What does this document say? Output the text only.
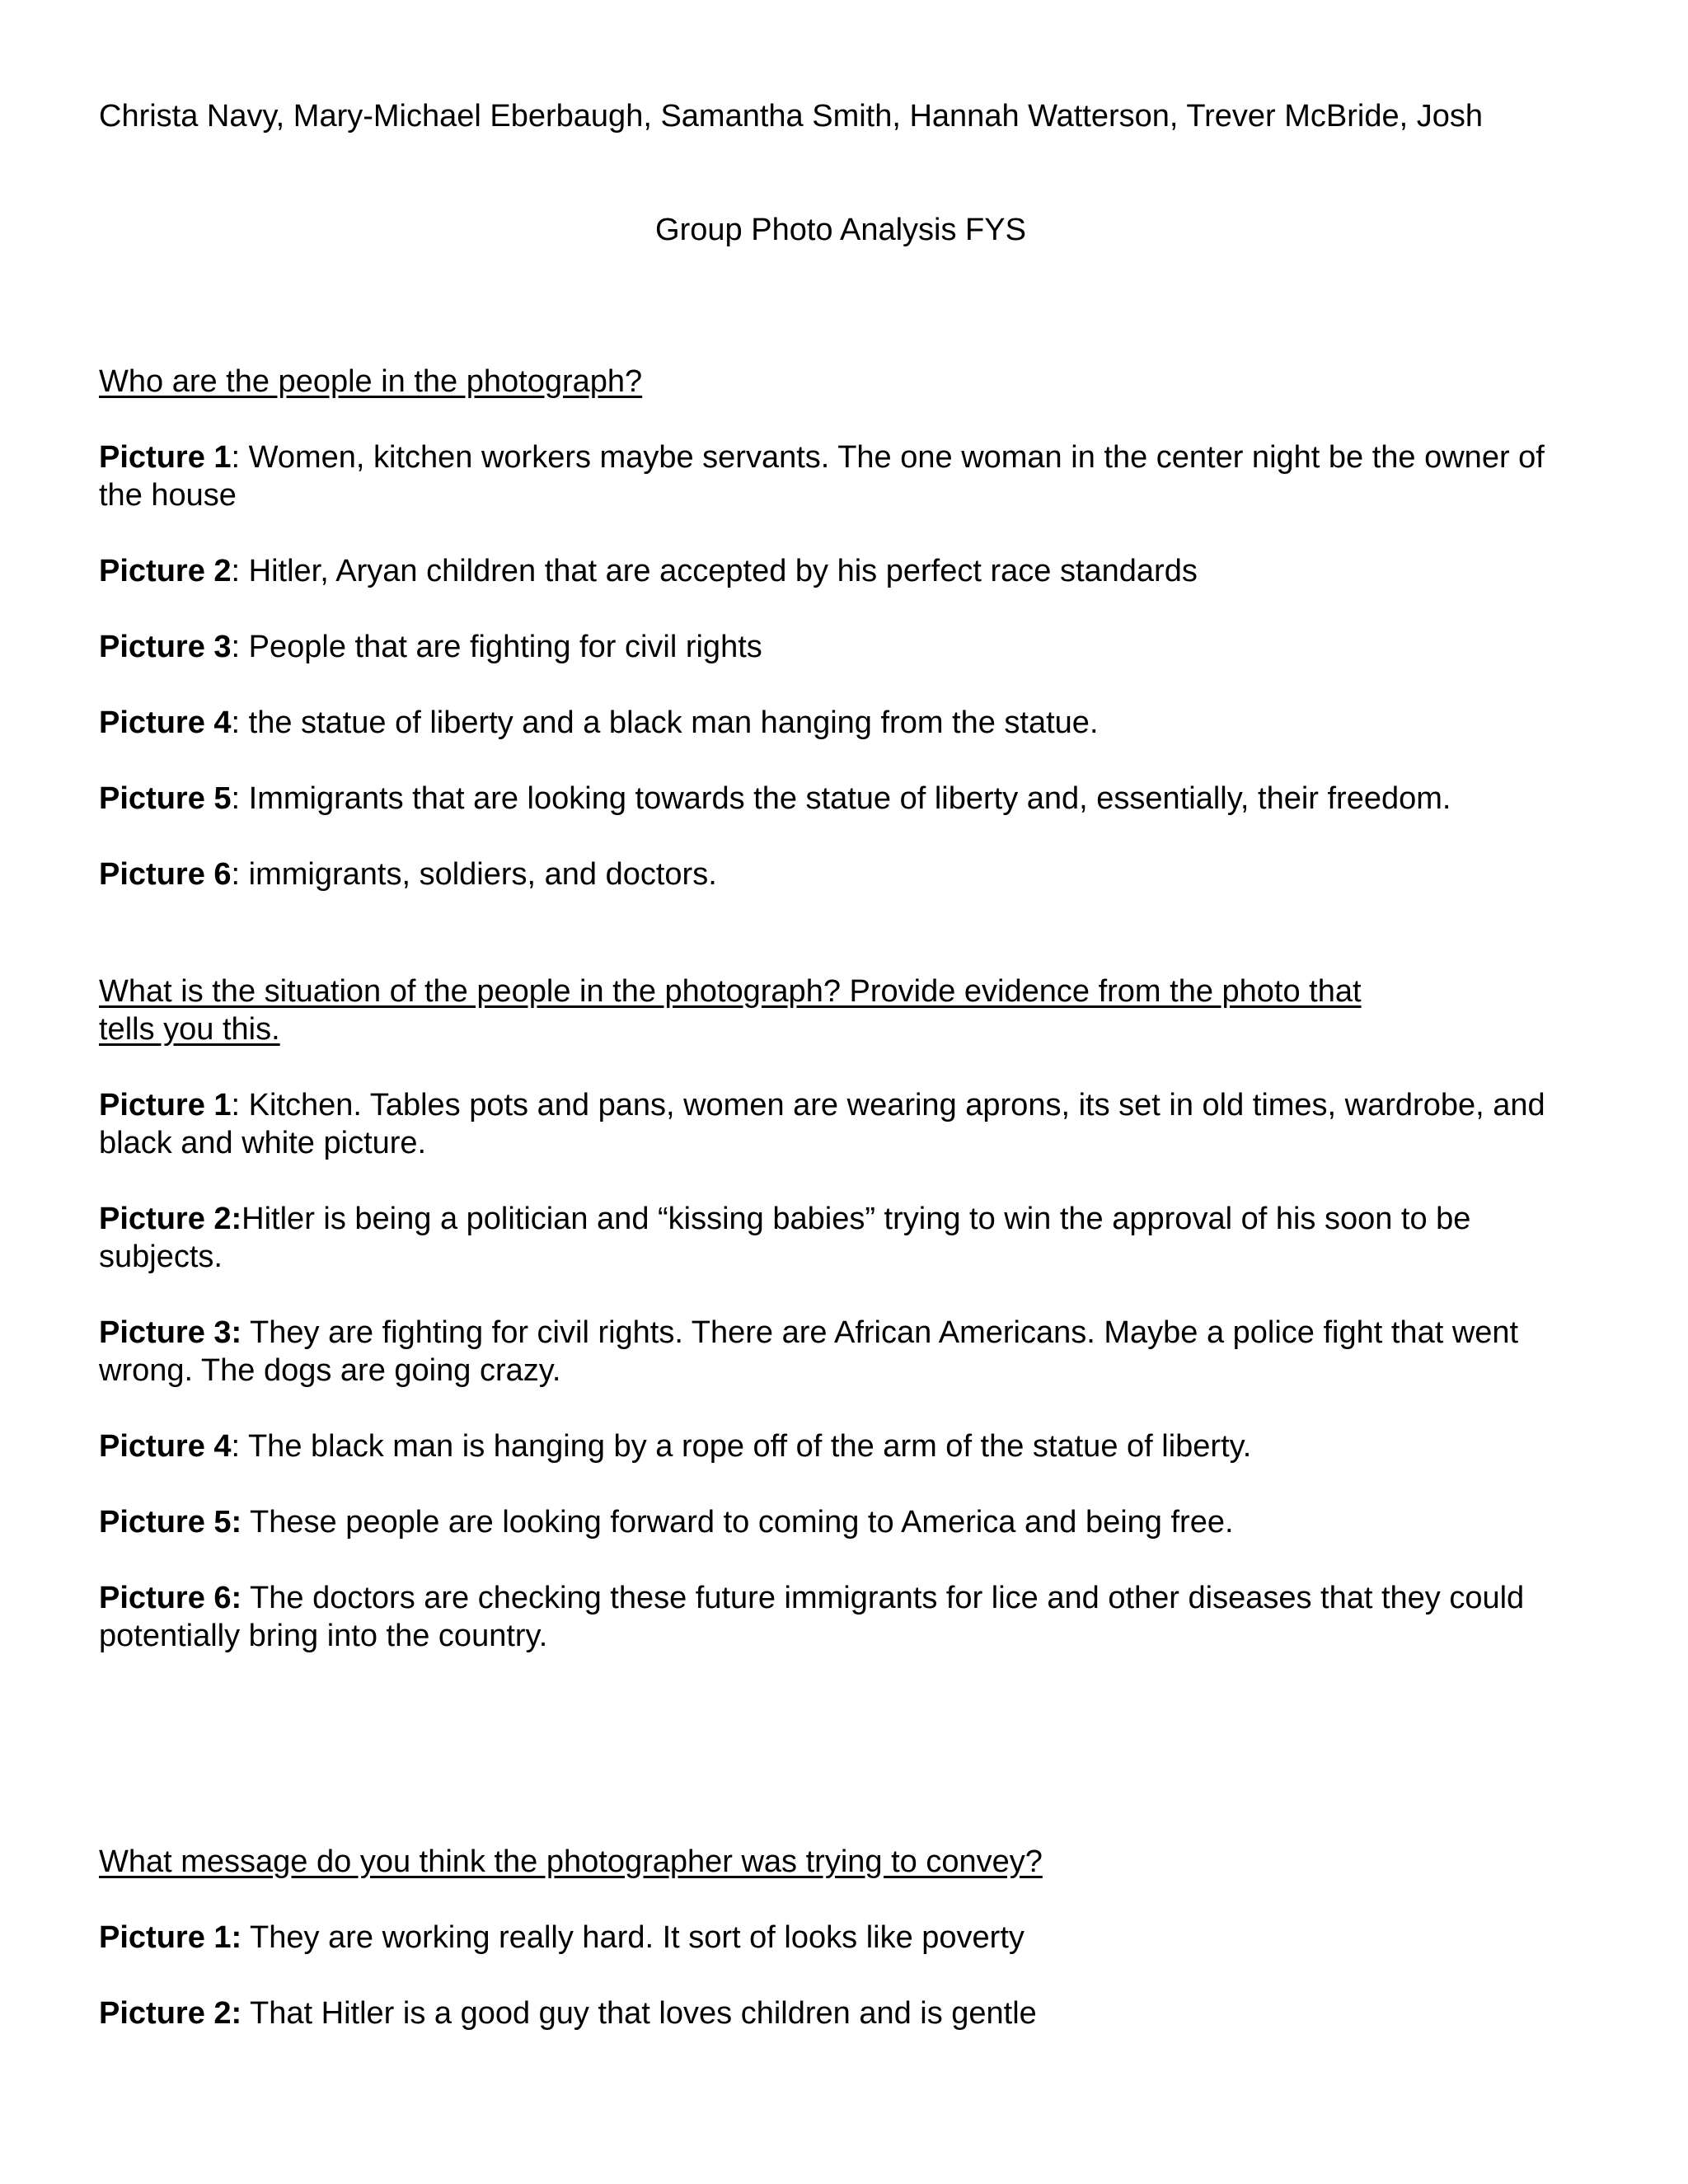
Christa Navy, Mary-Michael Eberbaugh, Samantha Smith, Hannah Watterson, Trever McBride, Josh
Group Photo Analysis FYS

Who are the people in the photograph?

Picture 1: Women, kitchen workers maybe servants. The one woman in the center night be the owner of the house

Picture 2: Hitler, Aryan children that are accepted by his perfect race standards

Picture 3: People that are fighting for civil rights

Picture 4: the statue of liberty and a black man hanging from the statue.

Picture 5: Immigrants that are looking towards the statue of liberty and, essentially, their freedom.

Picture 6: immigrants, soldiers, and doctors.

What is the situation of the people in the photograph? Provide evidence from the photo that tells you this.

Picture 1: Kitchen. Tables pots and pans, women are wearing aprons, its set in old times, wardrobe, and black and white picture.

Picture 2:Hitler is being a politician and “kissing babies” trying to win the approval of his soon to be subjects.

Picture 3: They are fighting for civil rights. There are African Americans. Maybe a police fight that went wrong. The dogs are going crazy.

Picture 4: The black man is hanging by a rope off of the arm of the statue of liberty.

Picture 5: These people are looking forward to coming to America and being free.

Picture 6: The doctors are checking these future immigrants for lice and other diseases that they could potentially bring into the country.

What message do you think the photographer was trying to convey?

Picture 1: They are working really hard. It sort of looks like poverty

Picture 2: That Hitler is a good guy that loves children and is gentle
